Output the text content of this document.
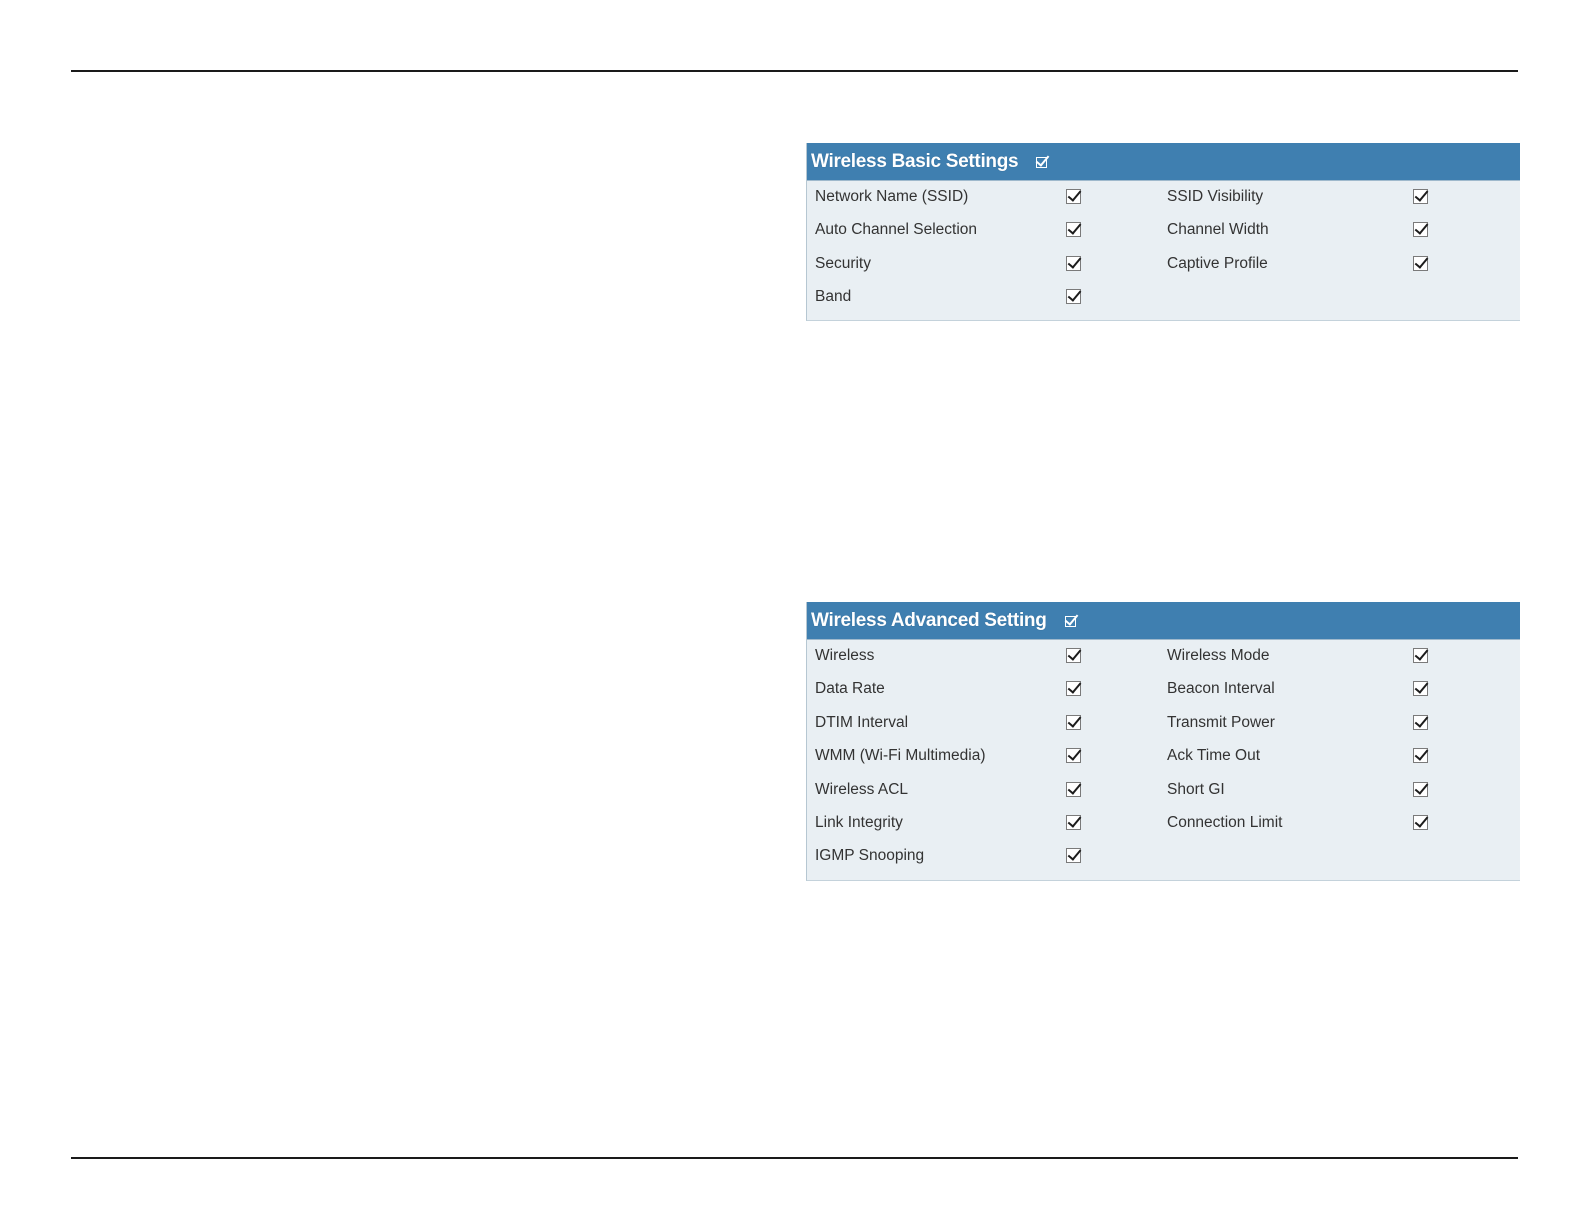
Wireless Basic Settings
Network Name (SSID)	SSID Visibility
Auto Channel Selection	Channel Width
Security	Captive Profile
Band
Wireless Advanced Setting
Wireless	Wireless Mode
Data Rate	Beacon Interval
DTIM Interval	Transmit Power
WMM (Wi-Fi Multimedia)	Ack Time Out
Wireless ACL	Short GI
Link Integrity	Connection Limit
IGMP Snooping
